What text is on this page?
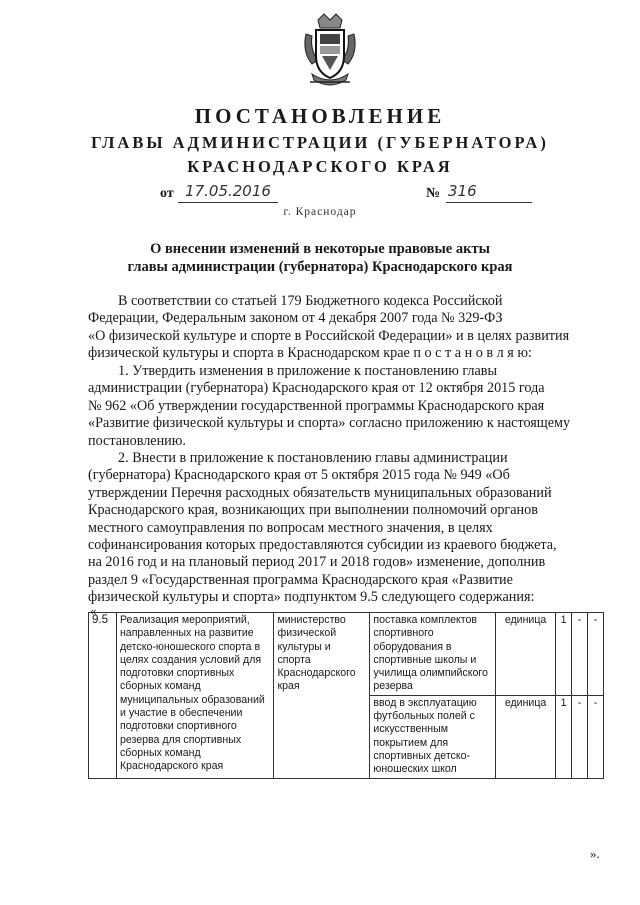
ПОСТАНОВЛЕНИЕ
ГЛАВЫ АДМИНИСТРАЦИИ (ГУБЕРНАТОРА)
КРАСНОДАРСКОГО КРАЯ
от 17.05.2016	№ 316
г. Краснодар
О внесении изменений в некоторые правовые акты
главы администрации (губернатора) Краснодарского края
В соответствии со статьей 179 Бюджетного кодекса Российской
Федерации, Федеральным законом от 4 декабря 2007 года № 329-ФЗ
«О физической культуре и спорте в Российской Федерации» и в целях развития
физической культуры и спорта в Краснодарском крае п о с т а н о в л я ю:
1. Утвердить изменения в приложение к постановлению главы
администрации (губернатора) Краснодарского края от 12 октября 2015 года
№ 962 «Об утверждении государственной программы Краснодарского края
«Развитие физической культуры и спорта» согласно приложению к настоящему
постановлению.
2. Внести в приложение к постановлению главы администрации
(губернатора) Краснодарского края от 5 октября 2015 года № 949 «Об
утверждении Перечня расходных обязательств муниципальных образований
Краснодарского края, возникающих при выполнении полномочий органов
местного самоуправления по вопросам местного значения, в целях
софинансирования которых предоставляются субсидии из краевого бюджета,
на 2016 год и на плановый период 2017 и 2018 годов» изменение, дополнив
раздел 9 «Государственная программа Краснодарского края «Развитие
физической культуры и спорта» подпунктом 9.5 следующего содержания:
«
9.5	Реализация мероприятий, направленных на развитие детско-юношеского спорта в целях создания условий для подготовки спортивных сборных команд муниципальных образований и участие в обеспечении подготовки спортивного резерва для спортивных сборных команд Краснодарского края	министерство физической культуры и спорта Краснодарского края	поставка комплектов спортивного оборудования в спортивные школы и училища олимпийского резерва	единица	1	-	-
			ввод в эксплуатацию футбольных полей с искусственным покрытием для спортивных детско-юношеских школ	единица	1	-	-
».
